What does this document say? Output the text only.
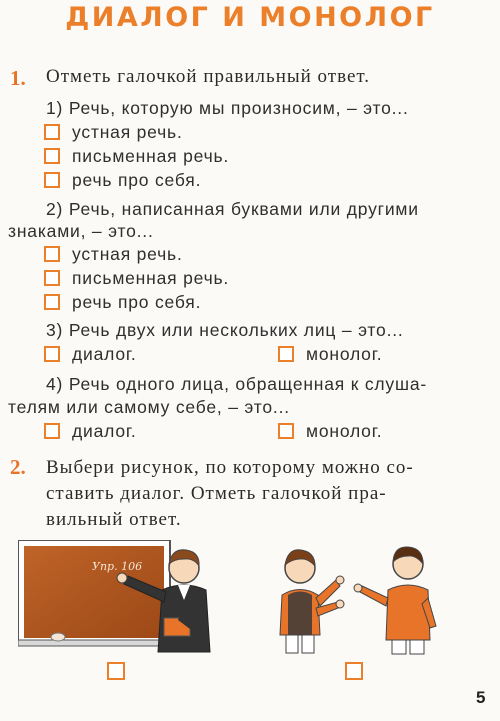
ДИАЛОГ И МОНОЛОГ
1. Отметь галочкой правильный ответ.
1) Речь, которую мы произносим, – это...
устная речь.
письменная речь.
речь про себя.
2) Речь, написанная буквами или другими
знаками, – это...
устная речь.
письменная речь.
речь про себя.
3) Речь двух или нескольких лиц – это...
диалог.	монолог.
4) Речь одного лица, обращенная к слуша-
телям или самому себе, – это...
диалог.	монолог.
2. Выбери рисунок, по которому можно со-
ставить диалог. Отметь галочкой пра-
вильный ответ.
Упр. 106
5
